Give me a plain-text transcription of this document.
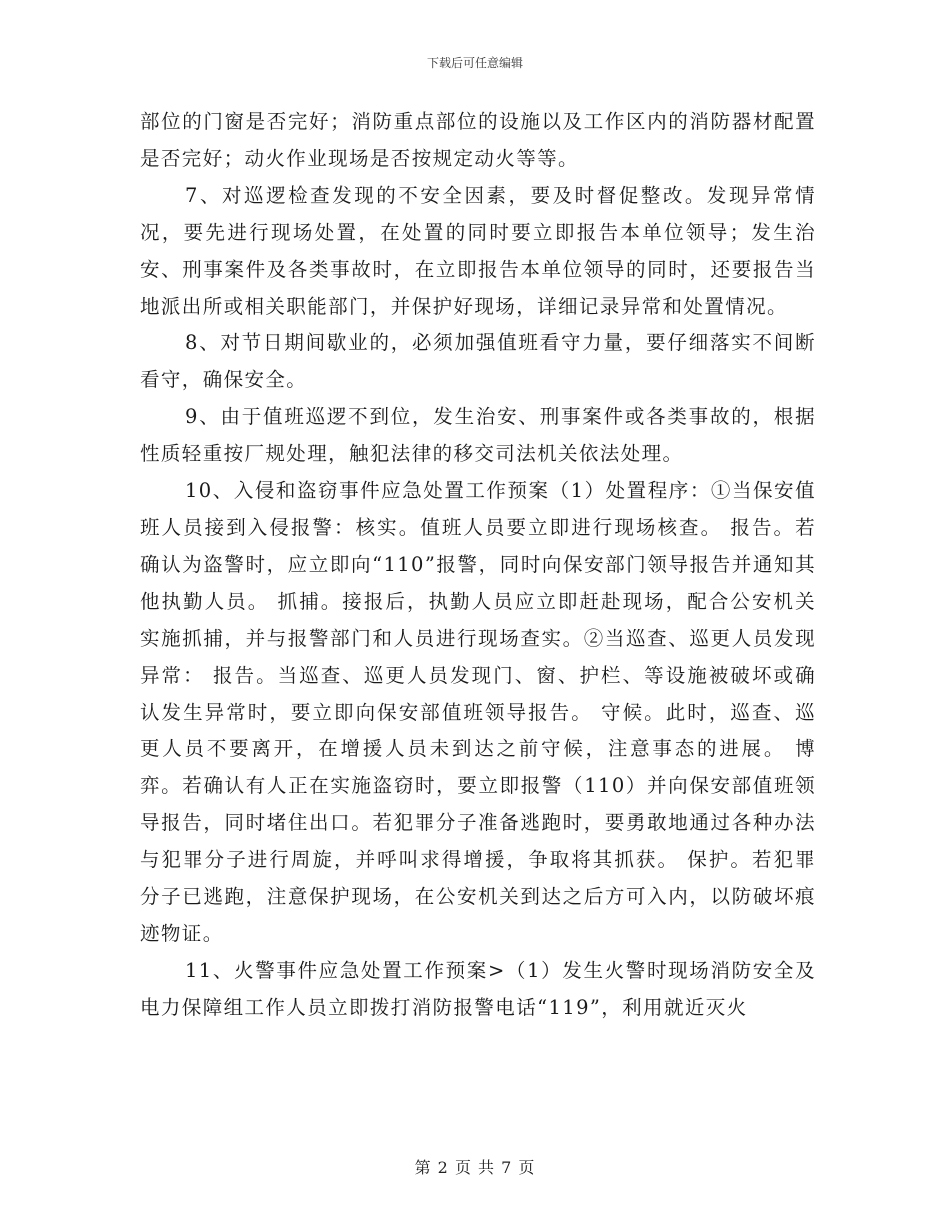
下载后可任意编辑

部位的门窗是否完好；消防重点部位的设施以及工作区内的消防器材配置是否完好；动火作业现场是否按规定动火等等。

7、对巡逻检查发现的不安全因素，要及时督促整改。发现异常情况，要先进行现场处置，在处置的同时要立即报告本单位领导；发生治安、刑事案件及各类事故时，在立即报告本单位领导的同时，还要报告当地派出所或相关职能部门，并保护好现场，详细记录异常和处置情况。

8、对节日期间歇业的，必须加强值班看守力量，要仔细落实不间断看守，确保安全。

9、由于值班巡逻不到位，发生治安、刑事案件或各类事故的，根据性质轻重按厂规处理，触犯法律的移交司法机关依法处理。

10、入侵和盗窃事件应急处置工作预案（1）处置程序：①当保安值班人员接到入侵报警：核实。值班人员要立即进行现场核查。 报告。若确认为盗警时，应立即向“110”报警，同时向保安部门领导报告并通知其他执勤人员。 抓捕。接报后，执勤人员应立即赶赴现场，配合公安机关实施抓捕，并与报警部门和人员进行现场查实。②当巡查、巡更人员发现异常： 报告。当巡查、巡更人员发现门、窗、护栏、等设施被破坏或确认发生异常时，要立即向保安部值班领导报告。 守候。此时，巡查、巡更人员不要离开，在增援人员未到达之前守候，注意事态的进展。 博弈。若确认有人正在实施盗窃时，要立即报警（110）并向保安部值班领导报告，同时堵住出口。若犯罪分子准备逃跑时，要勇敢地通过各种办法与犯罪分子进行周旋，并呼叫求得增援，争取将其抓获。 保护。若犯罪分子已逃跑，注意保护现场，在公安机关到达之后方可入内，以防破坏痕迹物证。

11、火警事件应急处置工作预案>（1）发生火警时现场消防安全及电力保障组工作人员立即拨打消防报警电话“119”，利用就近灭火

第 2 页 共 7 页
